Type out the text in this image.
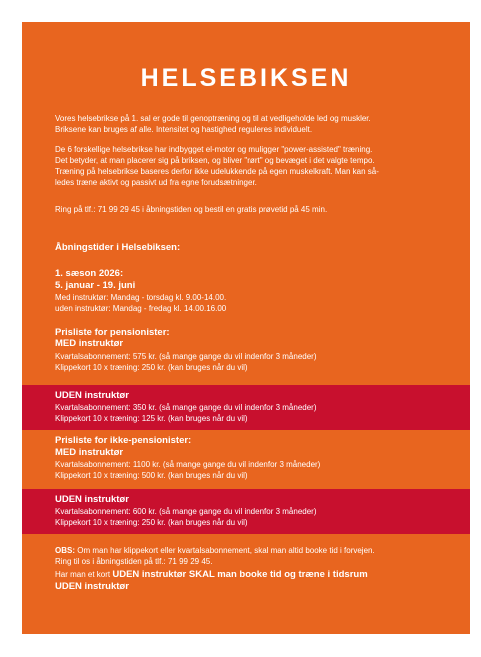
HELSEBIKSEN
Vores helsebrikse på 1. sal er gode til genoptræning og til at vedligeholde led og muskler.
Briksene kan bruges af alle. Intensitet og hastighed reguleres individuelt.
De 6 forskellige helsebrikse har indbygget el-motor og muligger "power-assisted" træning.
Det betyder, at man placerer sig på briksen, og bliver "rørt" og bevæget i det valgte tempo.
Træning på helsebrikse baseres derfor ikke udelukkende på egen muskelkraft. Man kan så-
ledes træne aktivt og passivt ud fra egne forudsætninger.
Ring på tlf.: 71 99 29 45 i åbningstiden og bestil en gratis prøvetid på 45 min.
Åbningstider i Helsebiksen:
1. sæson 2026:
5. januar - 19. juni
Med instruktør: Mandag - torsdag kl. 9.00-14.00.
uden instruktør: Mandag - fredag kl. 14.00.16.00
Prisliste for pensionister:
MED instruktør
Kvartalsabonnement: 575 kr. (så mange gange du vil indenfor 3 måneder)
Klippekort 10 x træning: 250 kr. (kan bruges når du vil)
UDEN instruktør
Kvartalsabonnement: 350 kr. (så mange gange du vil indenfor 3 måneder)
Klippekort 10 x træning: 125 kr. (kan bruges når du vil)
Prisliste for ikke-pensionister:
MED instruktør
Kvartalsabonnement: 1100 kr. (så mange gange du vil indenfor 3 måneder)
Klippekort 10 x træning: 500 kr. (kan bruges når du vil)
UDEN instruktør
Kvartalsabonnement: 600 kr. (så mange gange du vil indenfor 3 måneder)
Klippekort 10 x træning: 250 kr. (kan bruges når du vil)
OBS: Om man har klippekort eller kvartalsabonnement, skal man altid booke tid i forvejen.
Ring til os i åbningstiden på tlf.: 71 99 29 45.
Har man et kort UDEN instruktør SKAL man booke tid og træne i tidsrum
UDEN instruktør
